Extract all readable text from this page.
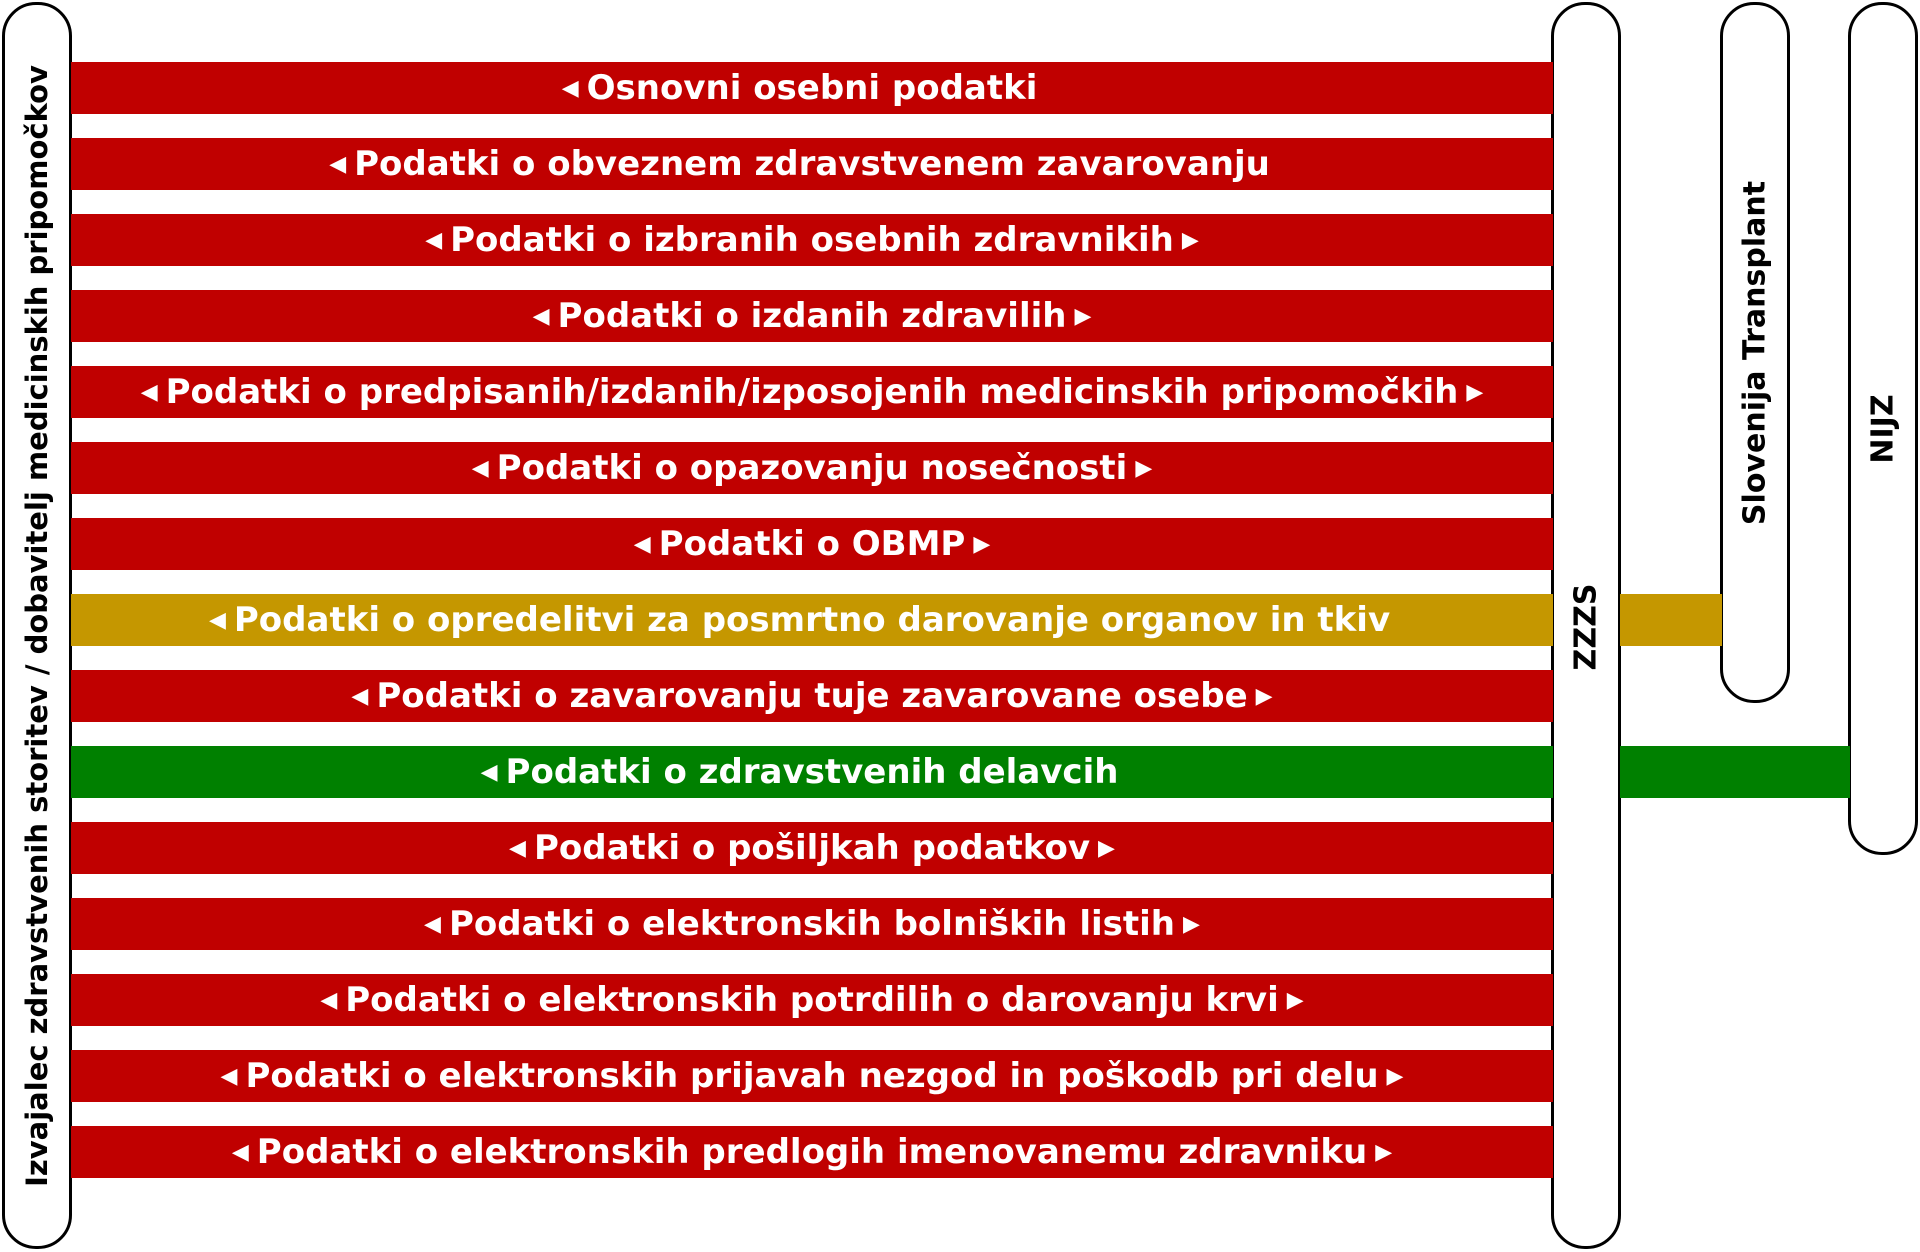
Izvajalec zdravstvenih storitev / dobavitelj medicinskih pripomočkov	ZZZS
Slovenija Transplant	NIJZ
◀ Osnovni osebni podatki
◀ Podatki o obveznem zdravstvenem zavarovanju
◀ Podatki o izbranih osebnih zdravnikih ▶
◀ Podatki o izdanih zdravilih ▶
◀ Podatki o predpisanih/izdanih/izposojenih medicinskih pripomočkih ▶
◀ Podatki o opazovanju nosečnosti ▶
◀ Podatki o OBMP ▶
◀ Podatki o opredelitvi za posmrtno darovanje organov in tkiv
◀ Podatki o zavarovanju tuje zavarovane osebe ▶
◀ Podatki o zdravstvenih delavcih
◀ Podatki o pošiljkah podatkov ▶
◀ Podatki o elektronskih bolniških listih ▶
◀ Podatki o elektronskih potrdilih o darovanju krvi ▶
◀ Podatki o elektronskih prijavah nezgod in poškodb pri delu ▶
◀ Podatki o elektronskih predlogih imenovanemu zdravniku ▶
